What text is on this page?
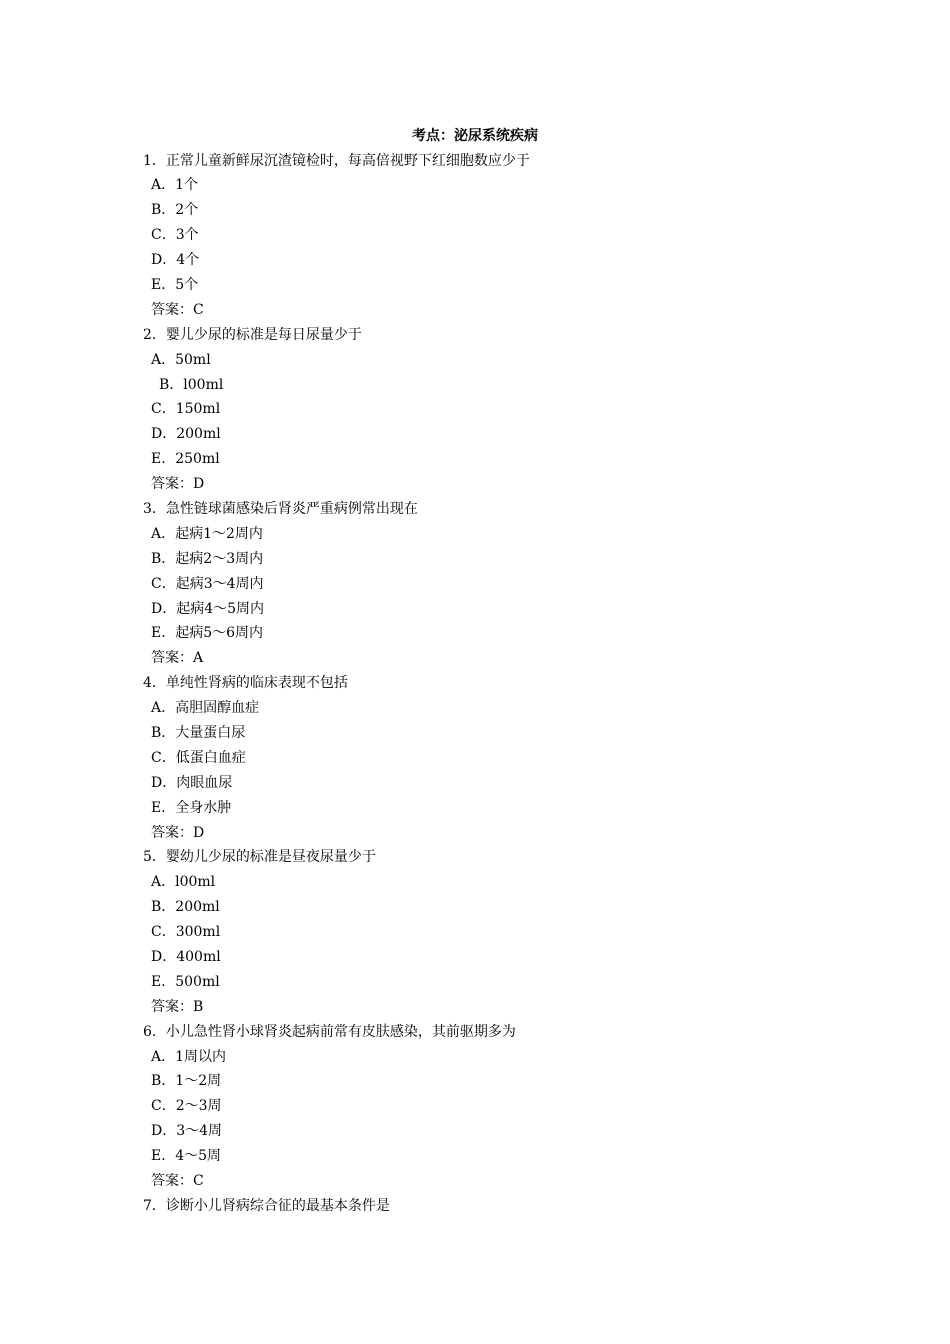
考点：泌尿系统疾病
1．正常儿童新鲜尿沉渣镜检时，每高倍视野下红细胞数应少于
A．1个
B．2个
C．3个
D．4个
E．5个
答案：C
2．婴儿少尿的标准是每日尿量少于
A．50ml
B．l00ml
C．150ml
D．200ml
E．250ml
答案：D
3．急性链球菌感染后肾炎严重病例常出现在
A．起病1～2周内
B．起病2～3周内
C．起病3～4周内
D．起病4～5周内
E．起病5～6周内
答案：A
4．单纯性肾病的临床表现不包括
A．高胆固醇血症
B．大量蛋白尿
C．低蛋白血症
D．肉眼血尿
E．全身水肿
答案：D
5．婴幼儿少尿的标准是昼夜尿量少于
A．l00ml
B．200ml
C．300ml
D．400ml
E．500ml
答案：B
6．小儿急性肾小球肾炎起病前常有皮肤感染，其前驱期多为
A．1周以内
B．1～2周
C．2～3周
D．3～4周
E．4～5周
答案：C
7．诊断小儿肾病综合征的最基本条件是
